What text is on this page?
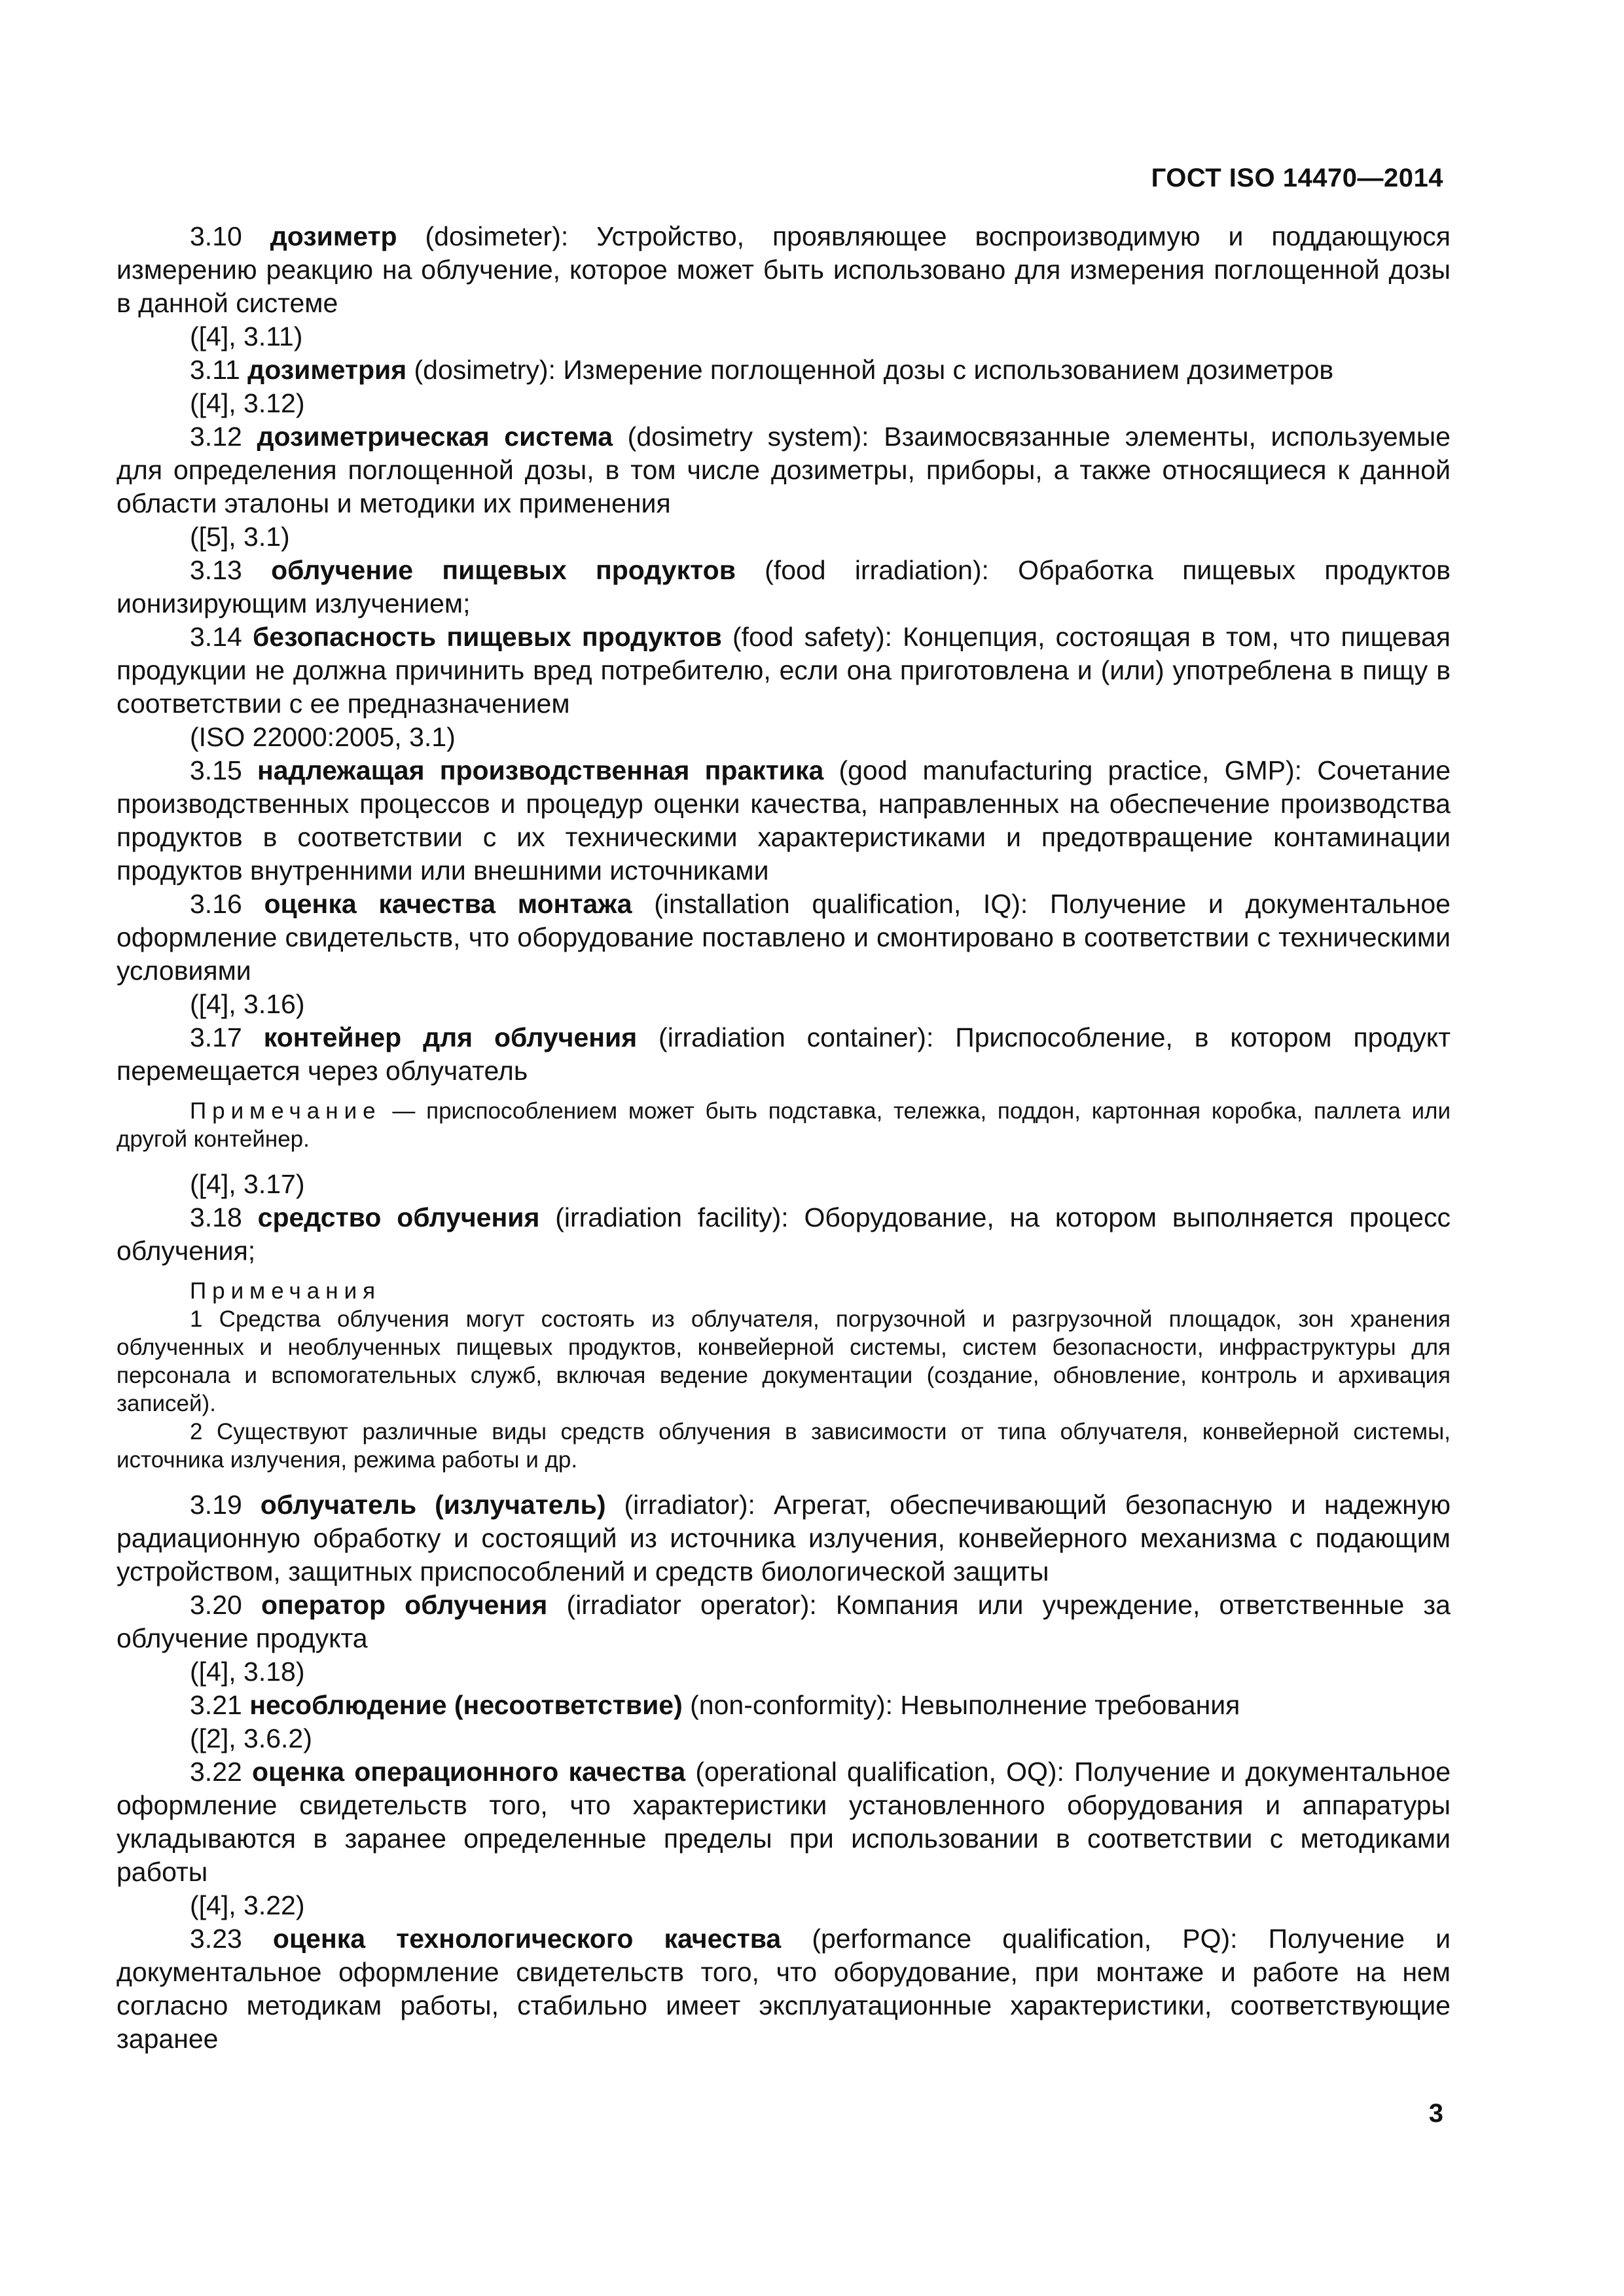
ГОСТ ISO 14470—2014

3.10 дозиметр (dosimeter): Устройство, проявляющее воспроизводимую и поддающуюся измерению реакцию на облучение, которое может быть использовано для измерения поглощенной дозы в данной системе

([4], 3.11)

3.11 дозиметрия (dosimetry): Измерение поглощенной дозы с использованием дозиметров

([4], 3.12)

3.12 дозиметрическая система (dosimetry system): Взаимосвязанные элементы, используемые для определения поглощенной дозы, в том числе дозиметры, приборы, а также относящиеся к данной области эталоны и методики их применения

([5], 3.1)

3.13 облучение пищевых продуктов (food irradiation): Обработка пищевых продуктов ионизирующим излучением;

3.14 безопасность пищевых продуктов (food safety): Концепция, состоящая в том, что пищевая продукции не должна причинить вред потребителю, если она приготовлена и (или) употреблена в пищу в соответствии с ее предназначением

(ISO 22000:2005, 3.1)

3.15 надлежащая производственная практика (good manufacturing practice, GMP): Сочетание производственных процессов и процедур оценки качества, направленных на обеспечение производства продуктов в соответствии с их техническими характеристиками и предотвращение контаминации продуктов внутренними или внешними источниками

3.16 оценка качества монтажа (installation qualification, IQ): Получение и документальное оформление свидетельств, что оборудование поставлено и смонтировано в соответствии с техническими условиями

([4], 3.16)

3.17 контейнер для облучения (irradiation container): Приспособление, в котором продукт перемещается через облучатель

Примечание — приспособлением может быть подставка, тележка, поддон, картонная коробка, паллета или другой контейнер.

([4], 3.17)

3.18 средство облучения (irradiation facility): Оборудование, на котором выполняется процесс облучения;

Примечания

1 Средства облучения могут состоять из облучателя, погрузочной и разгрузочной площадок, зон хранения облученных и необлученных пищевых продуктов, конвейерной системы, систем безопасности, инфраструктуры для персонала и вспомогательных служб, включая ведение документации (создание, обновление, контроль и архивация записей).

2 Существуют различные виды средств облучения в зависимости от типа облучателя, конвейерной системы, источника излучения, режима работы и др.

3.19 облучатель (излучатель) (irradiator): Агрегат, обеспечивающий безопасную и надежную радиационную обработку и состоящий из источника излучения, конвейерного механизма с подающим устройством, защитных приспособлений и средств биологической защиты

3.20 оператор облучения (irradiator operator): Компания или учреждение, ответственные за облучение продукта

([4], 3.18)

3.21 несоблюдение (несоответствие) (non-conformity): Невыполнение требования

([2], 3.6.2)

3.22 оценка операционного качества (operational qualification, OQ): Получение и документальное оформление свидетельств того, что характеристики установленного оборудования и аппаратуры укладываются в заранее определенные пределы при использовании в соответствии с методиками работы

([4], 3.22)

3.23 оценка технологического качества (performance qualification, PQ): Получение и документальное оформление свидетельств того, что оборудование, при монтаже и работе на нем согласно методикам работы, стабильно имеет эксплуатационные характеристики, соответствующие заранее

3
